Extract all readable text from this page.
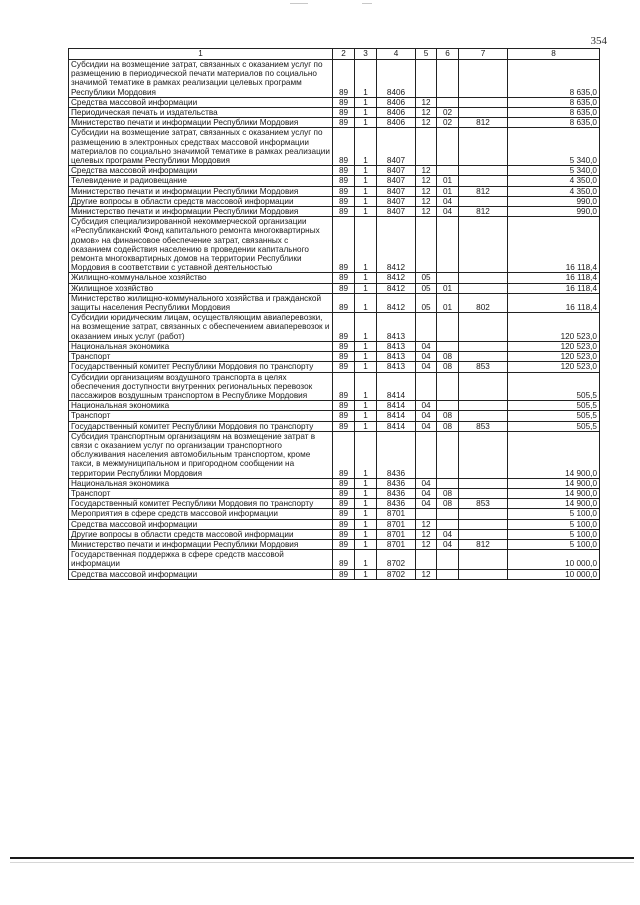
354
1	2	3	4	5	6	7	8
Субсидии на возмещение затрат, связанных с оказанием услуг по размещению в периодической печати материалов по социально значимой тематике в рамках реализации целевых программ Республики Мордовия	89	1	8406				8 635,0
Средства массовой информации	89	1	8406	12			8 635,0
Периодическая печать и издательства	89	1	8406	12	02		8 635,0
Министерство печати и информации Республики Мордовия	89	1	8406	12	02	812	8 635,0
Субсидии на возмещение затрат, связанных с оказанием услуг по размещению в электронных средствах массовой информации материалов по социально значимой тематике в рамках реализации целевых программ Республики Мордовия	89	1	8407				5 340,0
Средства массовой информации	89	1	8407	12			5 340,0
Телевидение и радиовещание	89	1	8407	12	01		4 350,0
Министерство печати и информации Республики Мордовия	89	1	8407	12	01	812	4 350,0
Другие вопросы в области средств массовой информации	89	1	8407	12	04		990,0
Министерство печати и информации Республики Мордовия	89	1	8407	12	04	812	990,0
Субсидия специализированной некоммерческой организации «Республиканский Фонд капитального ремонта многоквартирных домов» на финансовое обеспечение затрат, связанных с оказанием содействия населению в проведении капитального ремонта многоквартирных домов на территории Республики Мордовия в соответствии с уставной деятельностью	89	1	8412				16 118,4
Жилищно-коммунальное хозяйство	89	1	8412	05			16 118,4
Жилищное хозяйство	89	1	8412	05	01		16 118,4
Министерство жилищно-коммунального хозяйства и гражданской защиты населения Республики Мордовия	89	1	8412	05	01	802	16 118,4
Субсидии юридическим лицам, осуществляющим авиаперевозки, на возмещение затрат, связанных с обеспечением авиаперевозок и оказанием иных услуг (работ)	89	1	8413				120 523,0
Национальная экономика	89	1	8413	04			120 523,0
Транспорт	89	1	8413	04	08		120 523,0
Государственный комитет Республики Мордовия по транспорту	89	1	8413	04	08	853	120 523,0
Субсидии организациям воздушного транспорта в целях обеспечения доступности внутренних региональных перевозок пассажиров воздушным транспортом в Республике Мордовия	89	1	8414				505,5
Национальная экономика	89	1	8414	04			505,5
Транспорт	89	1	8414	04	08		505,5
Государственный комитет Республики Мордовия по транспорту	89	1	8414	04	08	853	505,5
Субсидия транспортным организациям на возмещение затрат в связи с оказанием услуг по организации транспортного обслуживания населения автомобильным транспортом, кроме такси, в межмуниципальном и пригородном сообщении на территории Республики Мордовия	89	1	8436				14 900,0
Национальная экономика	89	1	8436	04			14 900,0
Транспорт	89	1	8436	04	08		14 900,0
Государственный комитет Республики Мордовия по транспорту	89	1	8436	04	08	853	14 900,0
Мероприятия в сфере средств массовой информации	89	1	8701				5 100,0
Средства массовой информации	89	1	8701	12			5 100,0
Другие вопросы в области средств массовой информации	89	1	8701	12	04		5 100,0
Министерство печати и информации Республики Мордовия	89	1	8701	12	04	812	5 100,0
Государственная поддержка в сфере средств массовой информации	89	1	8702				10 000,0
Средства массовой информации	89	1	8702	12			10 000,0
